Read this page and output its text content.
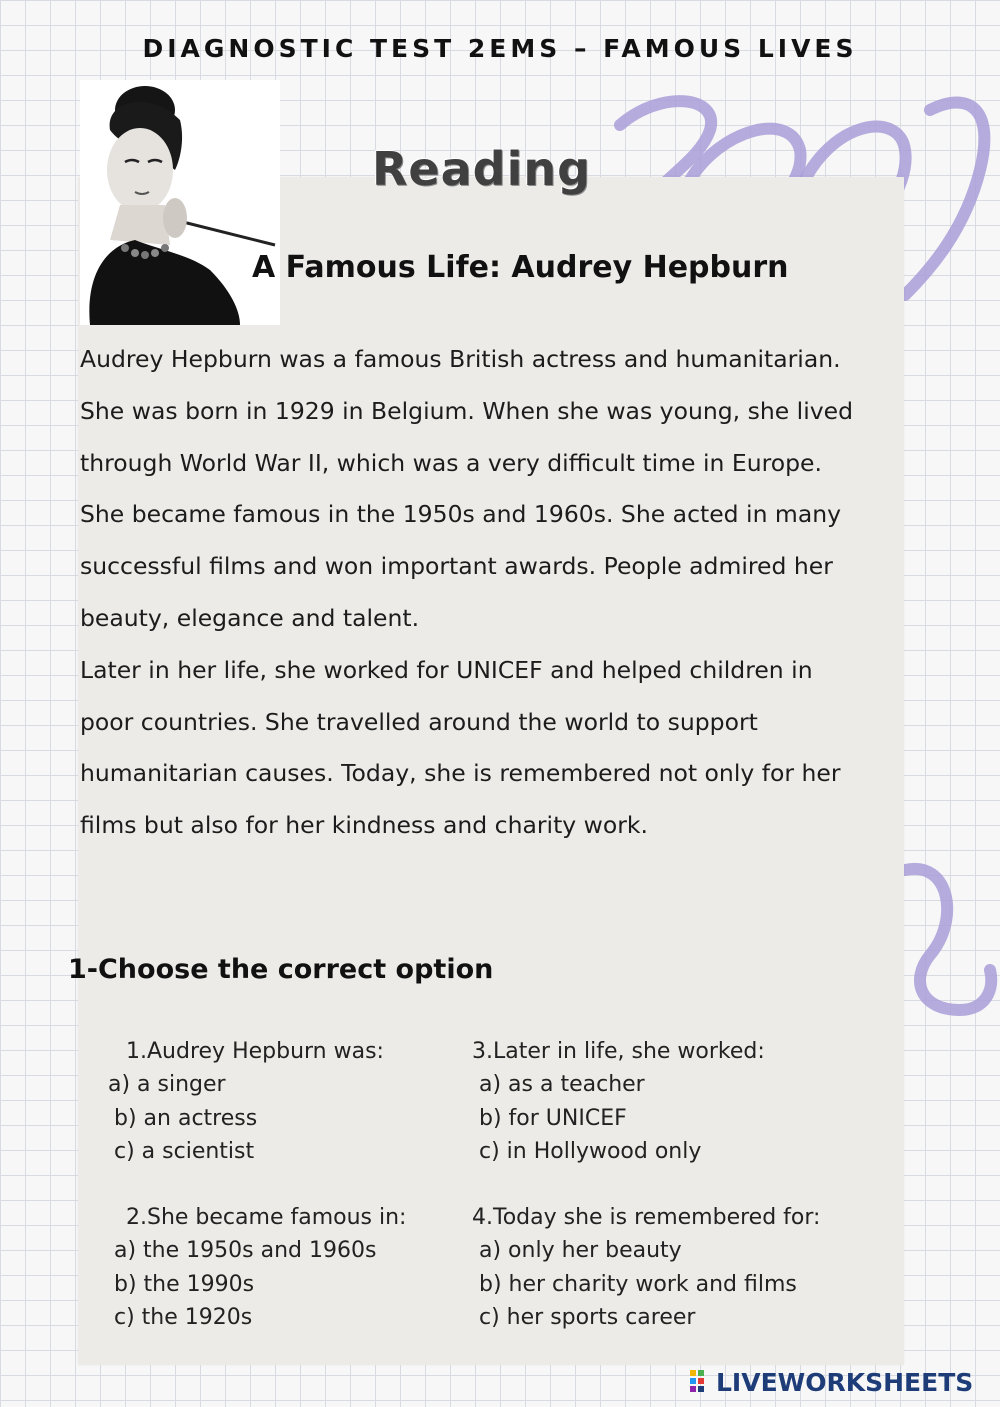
DIAGNOSTIC TEST 2EMS – FAMOUS LIVES
Reading
A Famous Life: Audrey Hepburn

Audrey Hepburn was a famous British actress and humanitarian.

She was born in 1929 in Belgium. When she was young, she lived

through World War II, which was a very difficult time in Europe.

She became famous in the 1950s and 1960s. She acted in many

successful films and won important awards. People admired her

beauty, elegance and talent.

Later in her life, she worked for UNICEF and helped children in

poor countries. She travelled around the world to support

humanitarian causes. Today, she is remembered not only for her

films but also for her kindness and charity work.

1-Choose the correct option
1.Audrey Hepburn was:
a) a singer
b) an actress
c) a scientist
2.She became famous in:
a) the 1950s and 1960s
b) the 1990s
c) the 1920s
3.Later in life, she worked:
a) as a teacher
b) for UNICEF
c) in Hollywood only
4.Today she is remembered for:
a) only her beauty
b) her charity work and films
c) her sports career
LIVEWORKSHEETS
